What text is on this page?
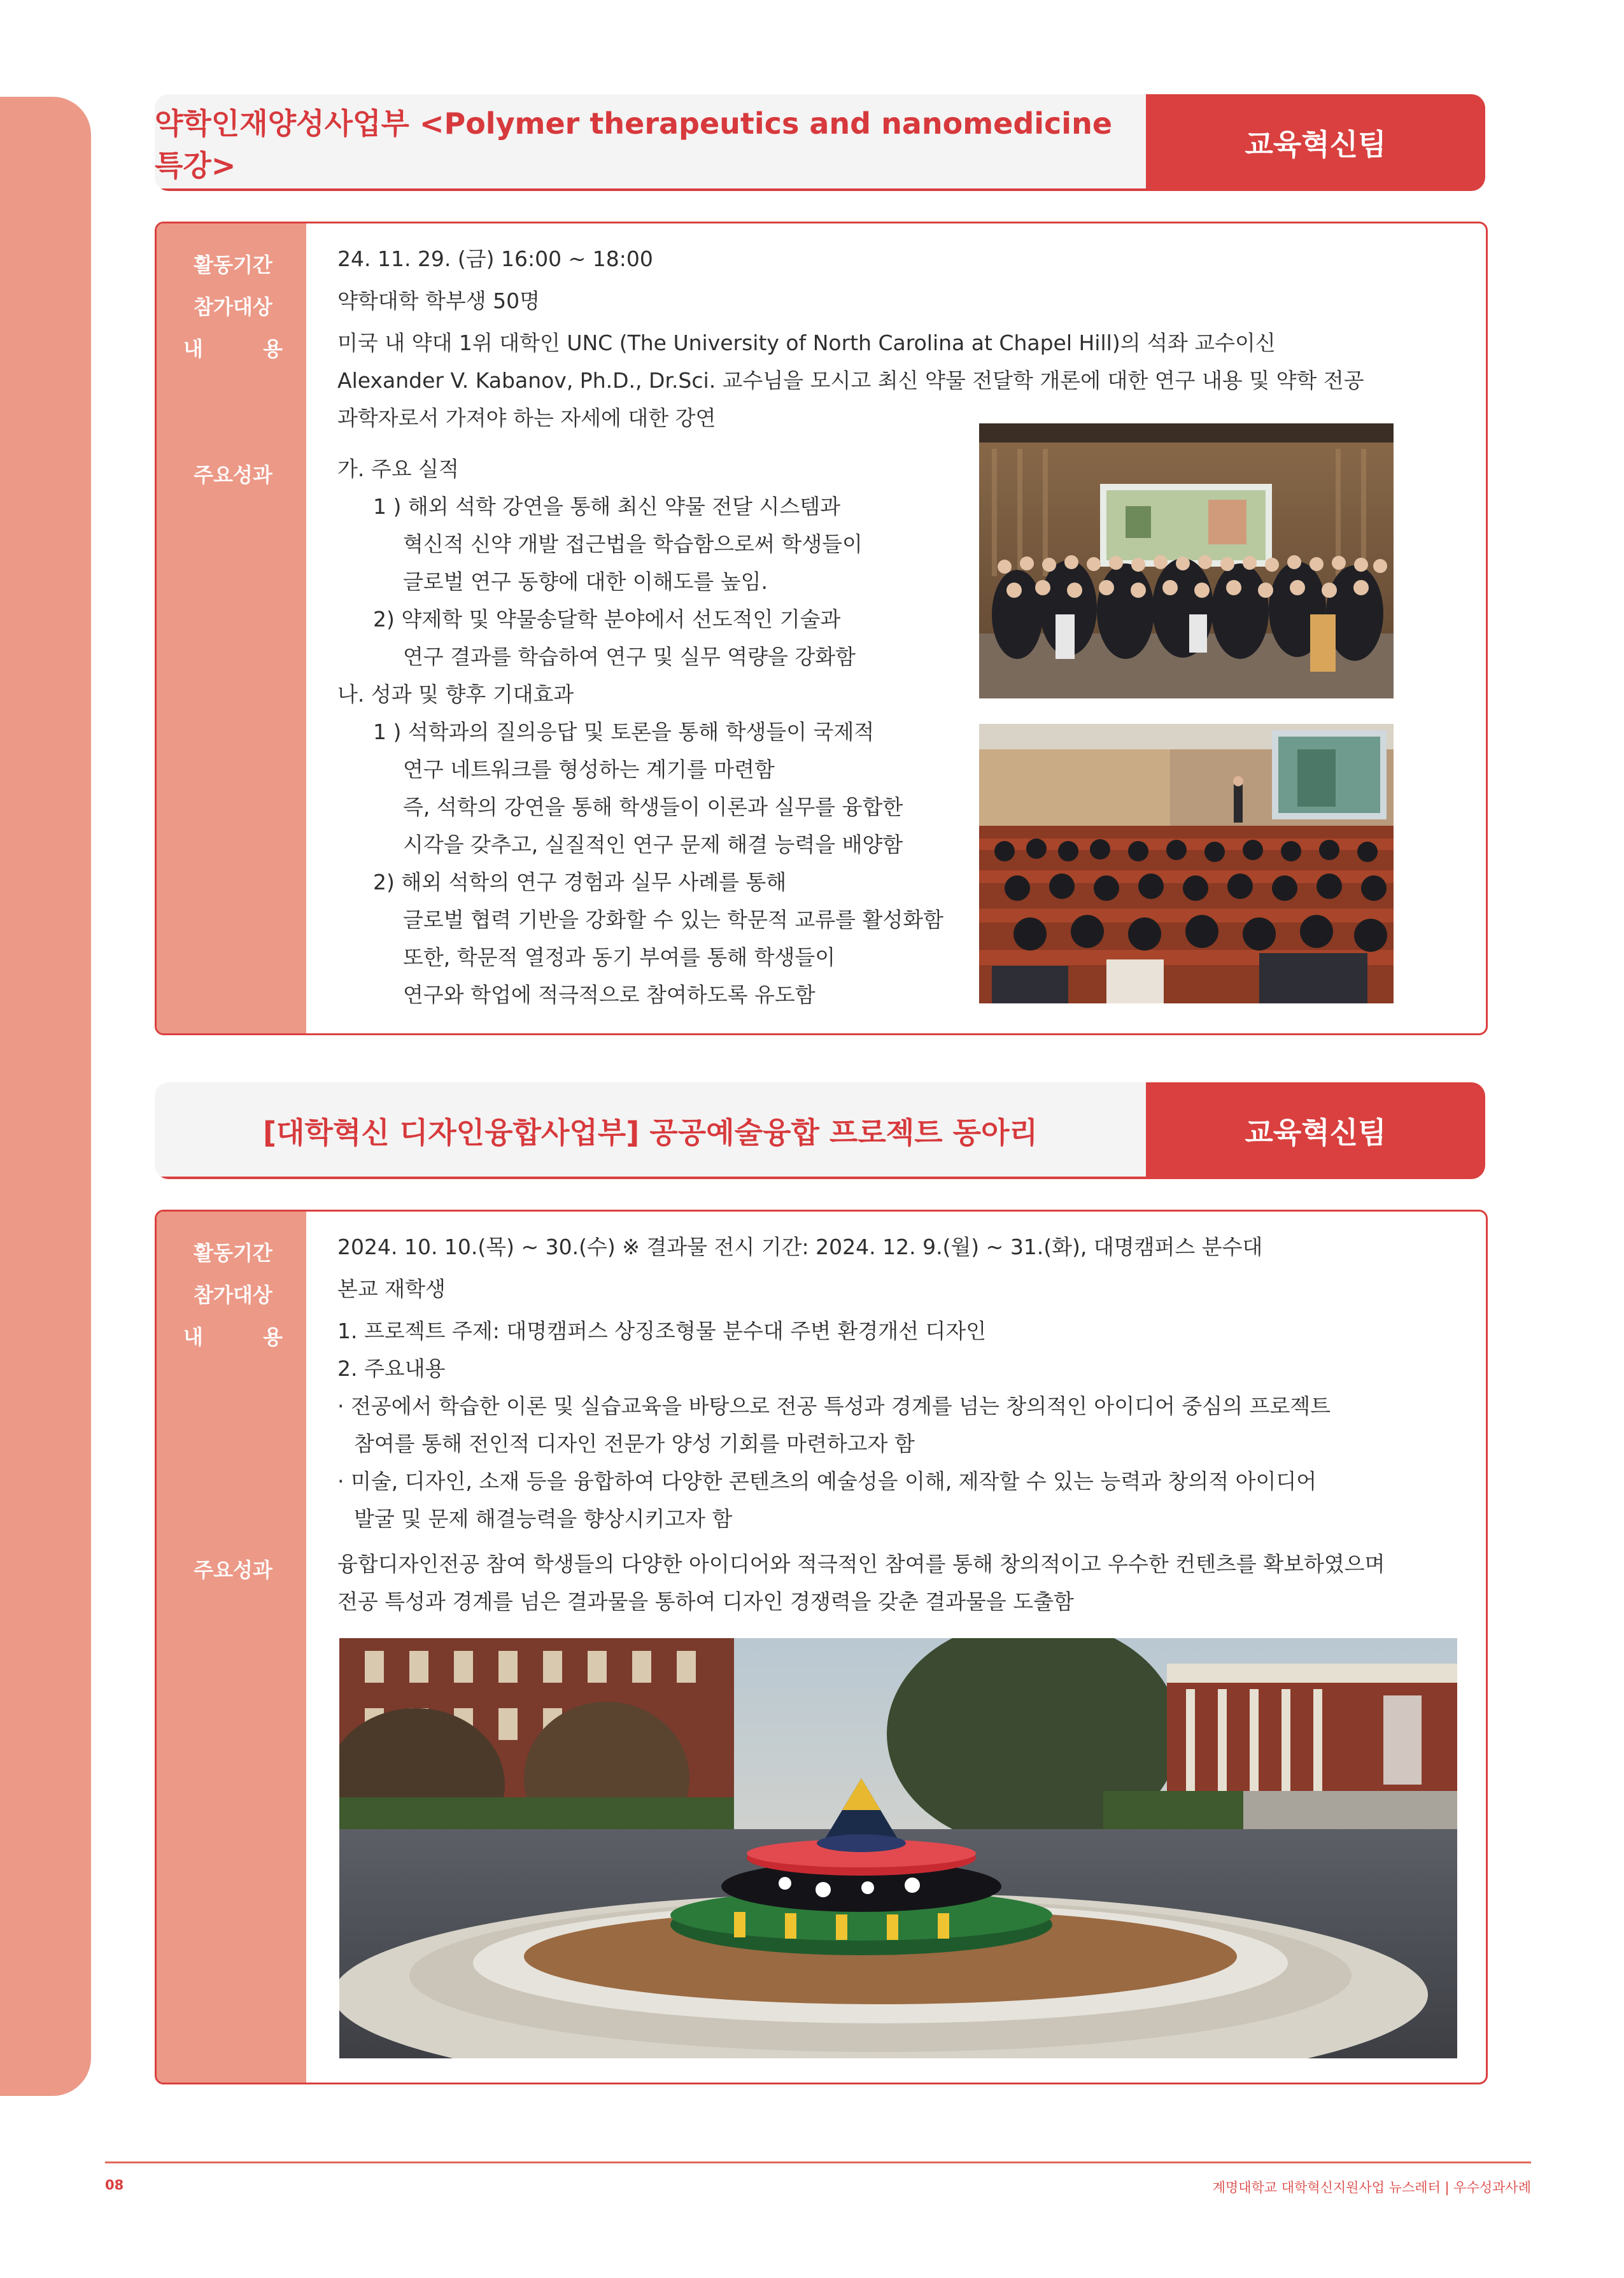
약학인재양성사업부 <Polymer therapeutics and nanomedicine 특강>
교육혁신팀
활동기간
참가대상
내 용
주요성과
24. 11. 29. (금) 16:00 ~ 18:00
약학대학 학부생 50명
미국 내 약대 1위 대학인 UNC (The University of North Carolina at Chapel Hill)의 석좌 교수이신
Alexander V. Kabanov, Ph.D., Dr.Sci. 교수님을 모시고 최신 약물 전달학 개론에 대한 연구 내용 및 약학 전공
과학자로서 가져야 하는 자세에 대한 강연
가. 주요 실적
1 ) 해외 석학 강연을 통해 최신 약물 전달 시스템과
혁신적 신약 개발 접근법을 학습함으로써 학생들이
글로벌 연구 동향에 대한 이해도를 높임.
2) 약제학 및 약물송달학 분야에서 선도적인 기술과
연구 결과를 학습하여 연구 및 실무 역량을 강화함
나. 성과 및 향후 기대효과
1 ) 석학과의 질의응답 및 토론을 통해 학생들이 국제적
연구 네트워크를 형성하는 계기를 마련함
즉, 석학의 강연을 통해 학생들이 이론과 실무를 융합한
시각을 갖추고, 실질적인 연구 문제 해결 능력을 배양함
2) 해외 석학의 연구 경험과 실무 사례를 통해
글로벌 협력 기반을 강화할 수 있는 학문적 교류를 활성화함
또한, 학문적 열정과 동기 부여를 통해 학생들이
연구와 학업에 적극적으로 참여하도록 유도함
[대학혁신 디자인융합사업부] 공공예술융합 프로젝트 동아리	교육혁신팀
활동기간
참가대상
내 용
주요성과
2024. 10. 10.(목) ~ 30.(수) ※ 결과물 전시 기간: 2024. 12. 9.(월) ~ 31.(화), 대명캠퍼스 분수대
본교 재학생
1. 프로젝트 주제: 대명캠퍼스 상징조형물 분수대 주변 환경개선 디자인
2. 주요내용
· 전공에서 학습한 이론 및 실습교육을 바탕으로 전공 특성과 경계를 넘는 창의적인 아이디어 중심의 프로젝트
참여를 통해 전인적 디자인 전문가 양성 기회를 마련하고자 함
· 미술, 디자인, 소재 등을 융합하여 다양한 콘텐츠의 예술성을 이해, 제작할 수 있는 능력과 창의적 아이디어
발굴 및 문제 해결능력을 향상시키고자 함
융합디자인전공 참여 학생들의 다양한 아이디어와 적극적인 참여를 통해 창의적이고 우수한 컨텐츠를 확보하였으며
전공 특성과 경계를 넘은 결과물을 통하여 디자인 경쟁력을 갖춘 결과물을 도출함
08	계명대학교 대학혁신지원사업 뉴스레터 | 우수성과사례
